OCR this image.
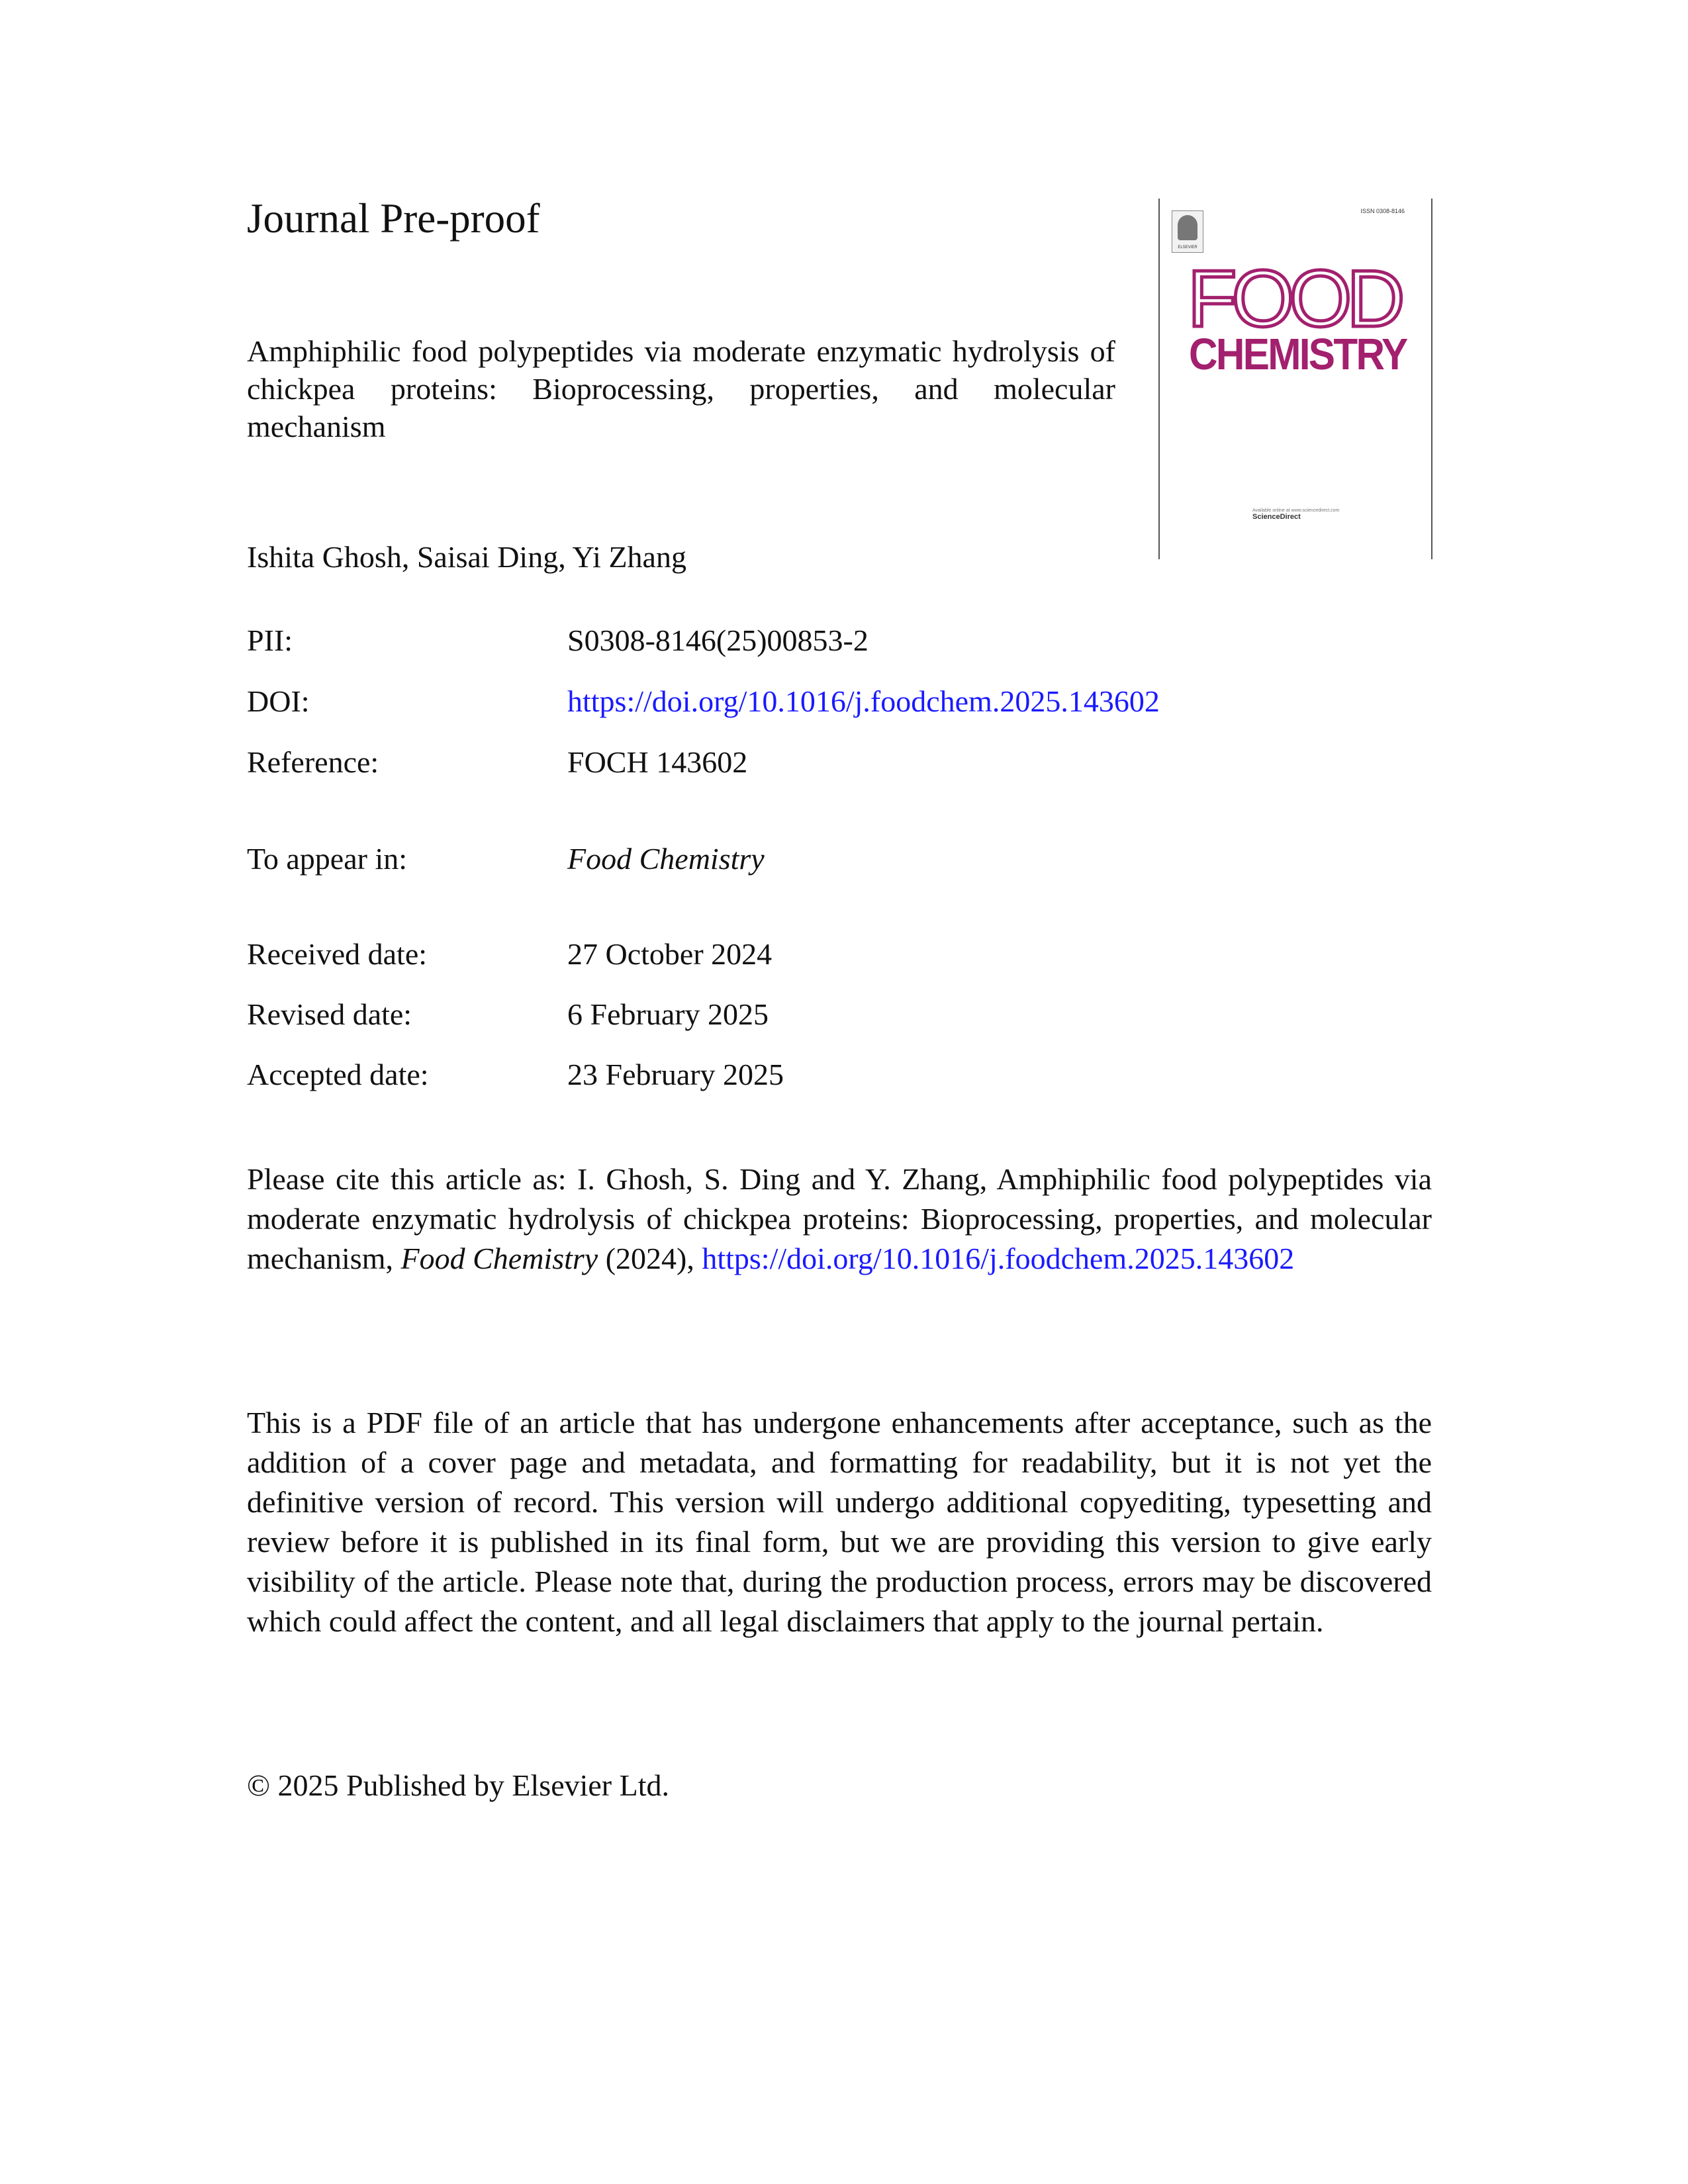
Journal Pre-proof
Amphiphilic food polypeptides via moderate enzymatic hydrolysis of chickpea proteins: Bioprocessing, properties, and molecular mechanism
Ishita Ghosh, Saisai Ding, Yi Zhang
PII:	S0308-8146(25)00853-2
DOI:	https://doi.org/10.1016/j.foodchem.2025.143602
Reference:	FOCH 143602
To appear in:	Food Chemistry
Received date:	27 October 2024
Revised date:	6 February 2025
Accepted date:	23 February 2025
Please cite this article as: I. Ghosh, S. Ding and Y. Zhang, Amphiphilic food polypeptides via moderate enzymatic hydrolysis of chickpea proteins: Bioprocessing, properties, and molecular mechanism, Food Chemistry (2024), https://doi.org/10.1016/j.foodchem.2025.143602
This is a PDF file of an article that has undergone enhancements after acceptance, such as the addition of a cover page and metadata, and formatting for readability, but it is not yet the definitive version of record. This version will undergo additional copyediting, typesetting and review before it is published in its final form, but we are providing this version to give early visibility of the article. Please note that, during the production process, errors may be discovered which could affect the content, and all legal disclaimers that apply to the journal pertain.
© 2025 Published by Elsevier Ltd.
ISSN 0308-8146
ELSEVIER
FOOD
CHEMISTRY
Available online at www.sciencedirect.com
ScienceDirect
